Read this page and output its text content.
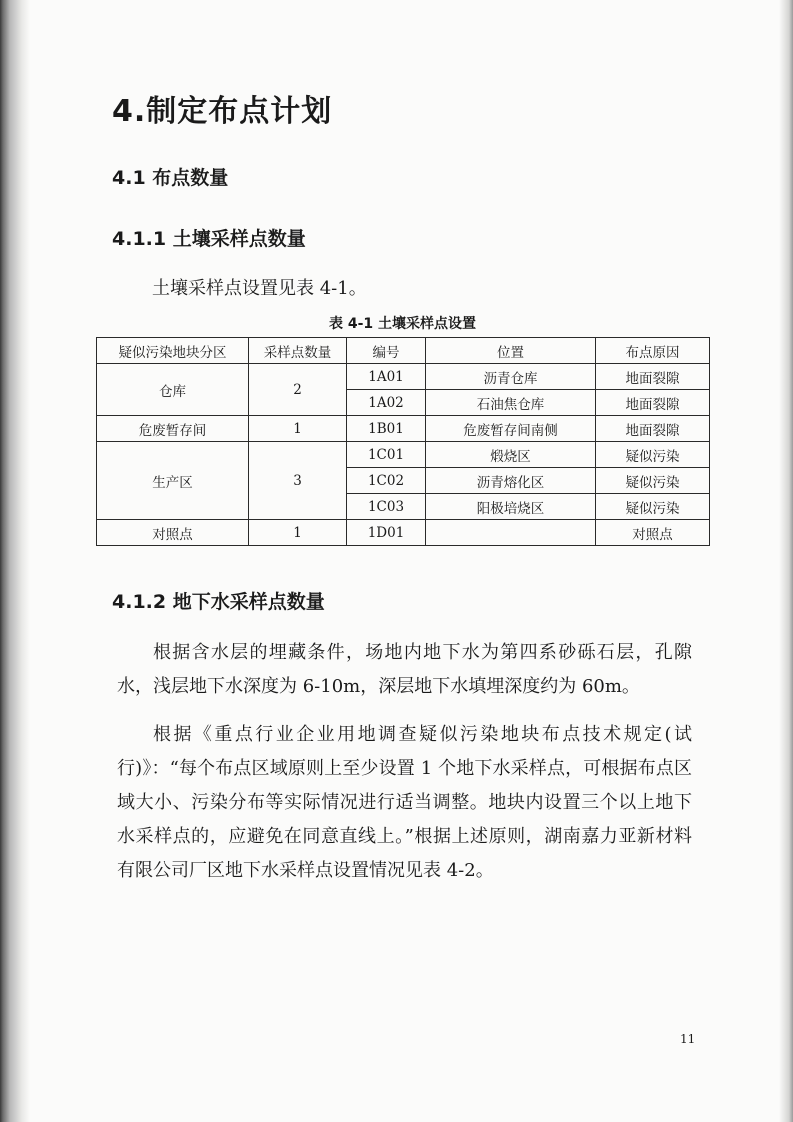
4.制定布点计划
4.1 布点数量
4.1.1 土壤采样点数量

土壤采样点设置见表 4-1。

表 4-1 土壤采样点设置
疑似污染地块分区	采样点数量	编号	位置	布点原因
仓库	2	1A01	沥青仓库	地面裂隙
		1A02	石油焦仓库	地面裂隙
危废暂存间	1	1B01	危废暂存间南侧	地面裂隙
生产区	3	1C01	煅烧区	疑似污染
		1C02	沥青熔化区	疑似污染
		1C03	阳极培烧区	疑似污染
对照点	1	1D01		对照点
4.1.2 地下水采样点数量

根据含水层的埋藏条件，场地内地下水为第四系砂砾石层，孔隙水，浅层地下水深度为 6-10m，深层地下水填埋深度约为 60m。

根据《重点行业企业用地调查疑似污染地块布点技术规定(试行)》：“每个布点区域原则上至少设置 1 个地下水采样点，可根据布点区域大小、污染分布等实际情况进行适当调整。地块内设置三个以上地下水采样点的，应避免在同意直线上。”根据上述原则，湖南嘉力亚新材料有限公司厂区地下水采样点设置情况见表 4-2。

11
